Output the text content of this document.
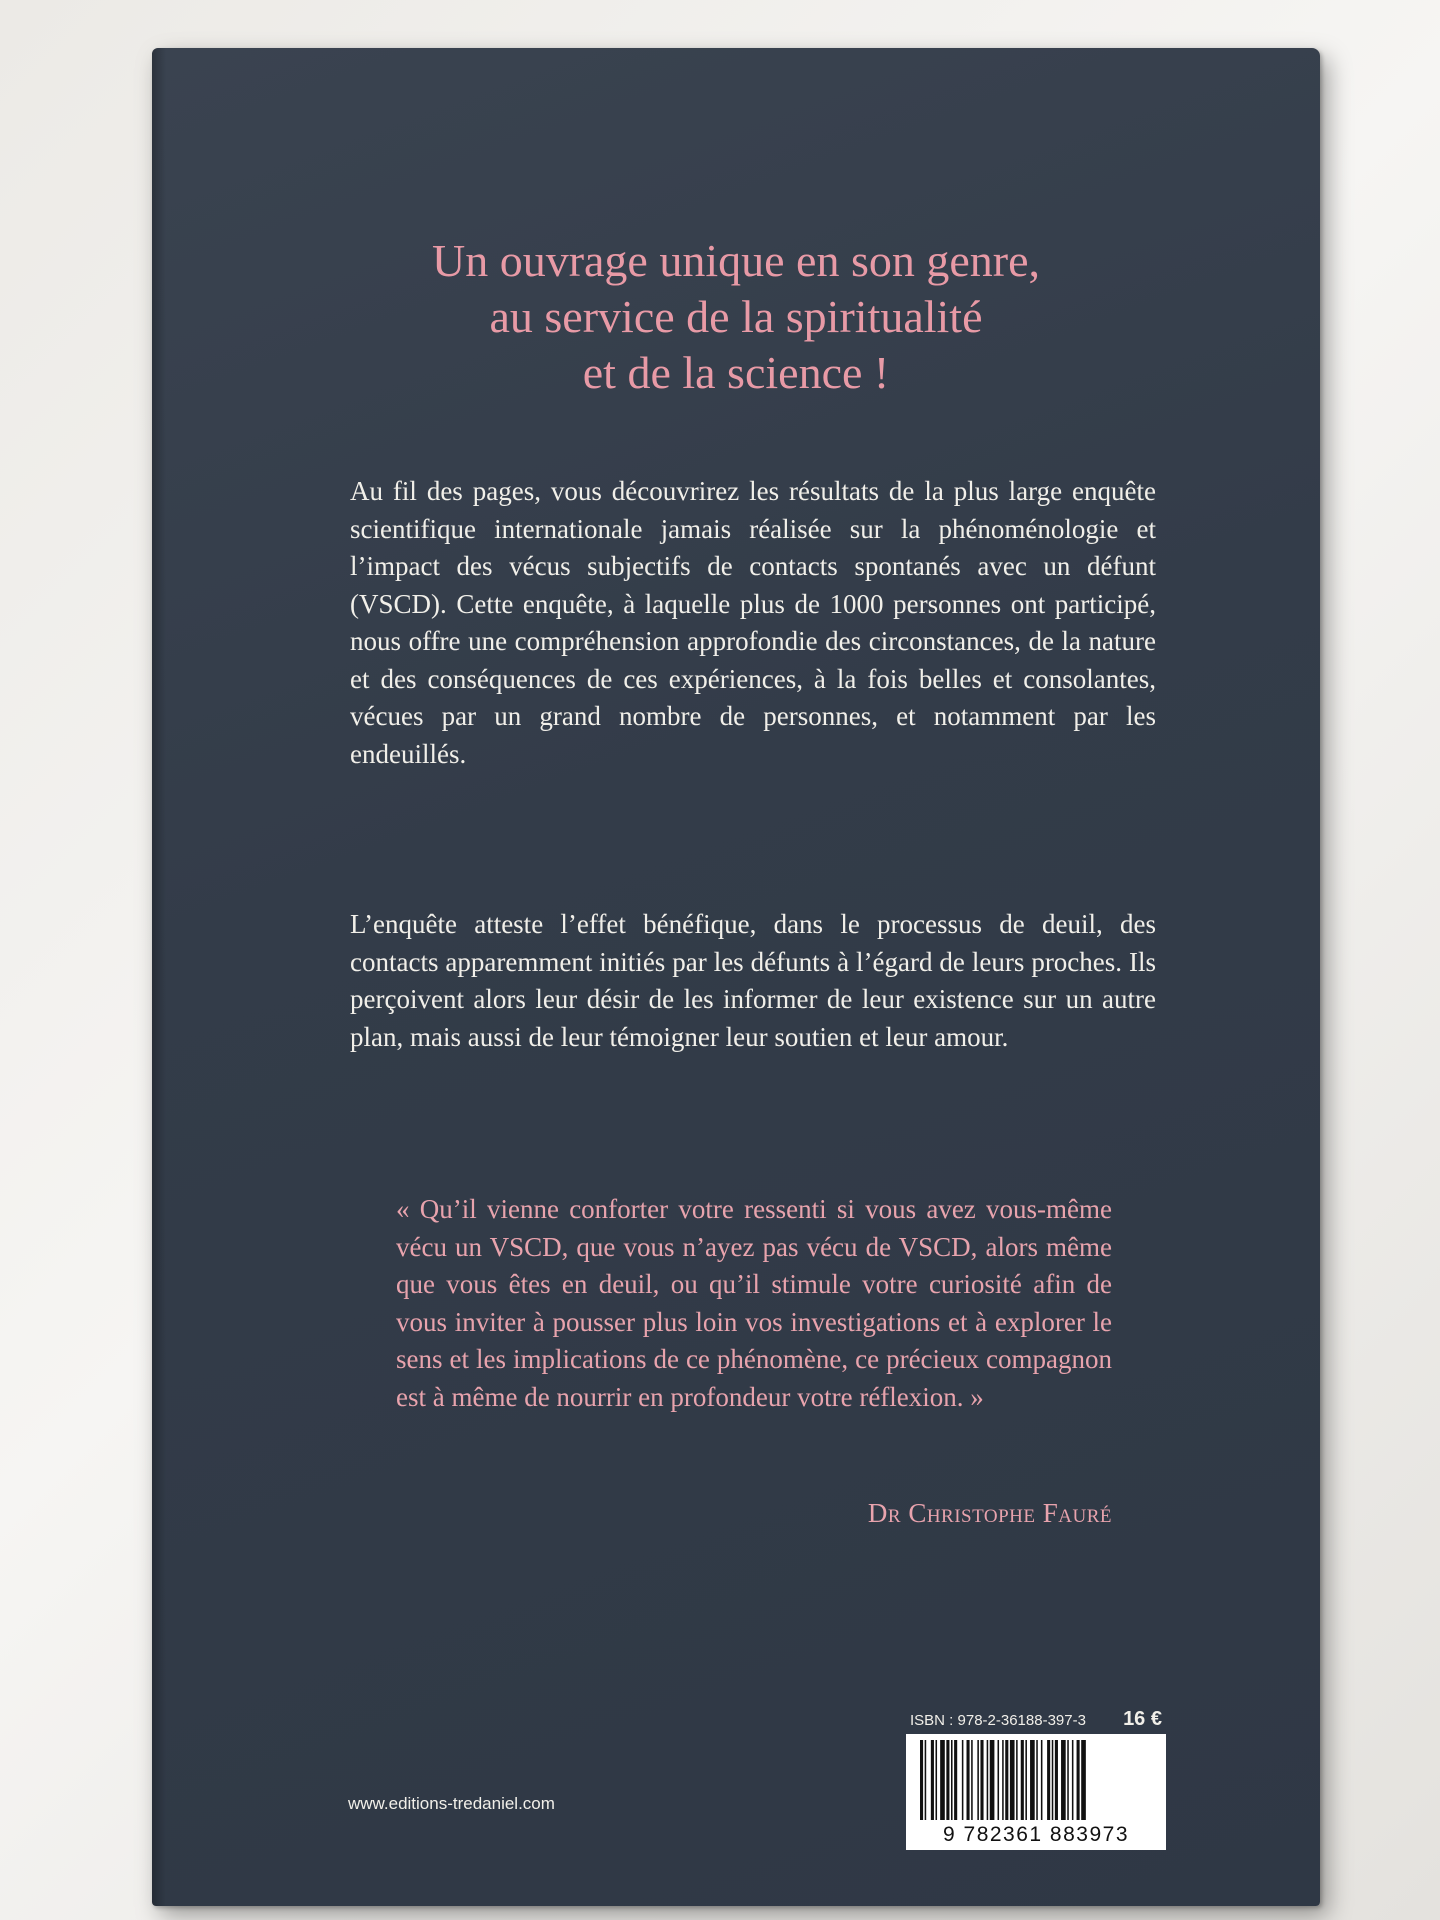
Un ouvrage unique en son genre,
au service de la spiritualité
et de la science !
Au fil des pages, vous découvrirez les résultats de la plus large enquête scientifique internationale jamais réalisée sur la phénoménologie et l’impact des vécus subjectifs de contacts spontanés avec un défunt (VSCD). Cette enquête, à laquelle plus de 1000 personnes ont participé, nous offre une compréhension approfondie des circonstances, de la nature et des conséquences de ces expériences, à la fois belles et consolantes, vécues par un grand nombre de personnes, et notamment par les endeuillés.
L’enquête atteste l’effet bénéfique, dans le processus de deuil, des contacts apparemment initiés par les défunts à l’égard de leurs proches. Ils perçoivent alors leur désir de les informer de leur existence sur un autre plan, mais aussi de leur témoigner leur soutien et leur amour.
« Qu’il vienne conforter votre ressenti si vous avez vous-même vécu un VSCD, que vous n’ayez pas vécu de VSCD, alors même que vous êtes en deuil, ou qu’il stimule votre curiosité afin de vous inviter à pousser plus loin vos investigations et à explorer le sens et les implications de ce phénomène, ce précieux compagnon est à même de nourrir en profondeur votre réflexion. »
Dr Christophe Fauré
www.editions-tredaniel.com
ISBN : 978-2-36188-397-3 16 €
9 782361 883973
